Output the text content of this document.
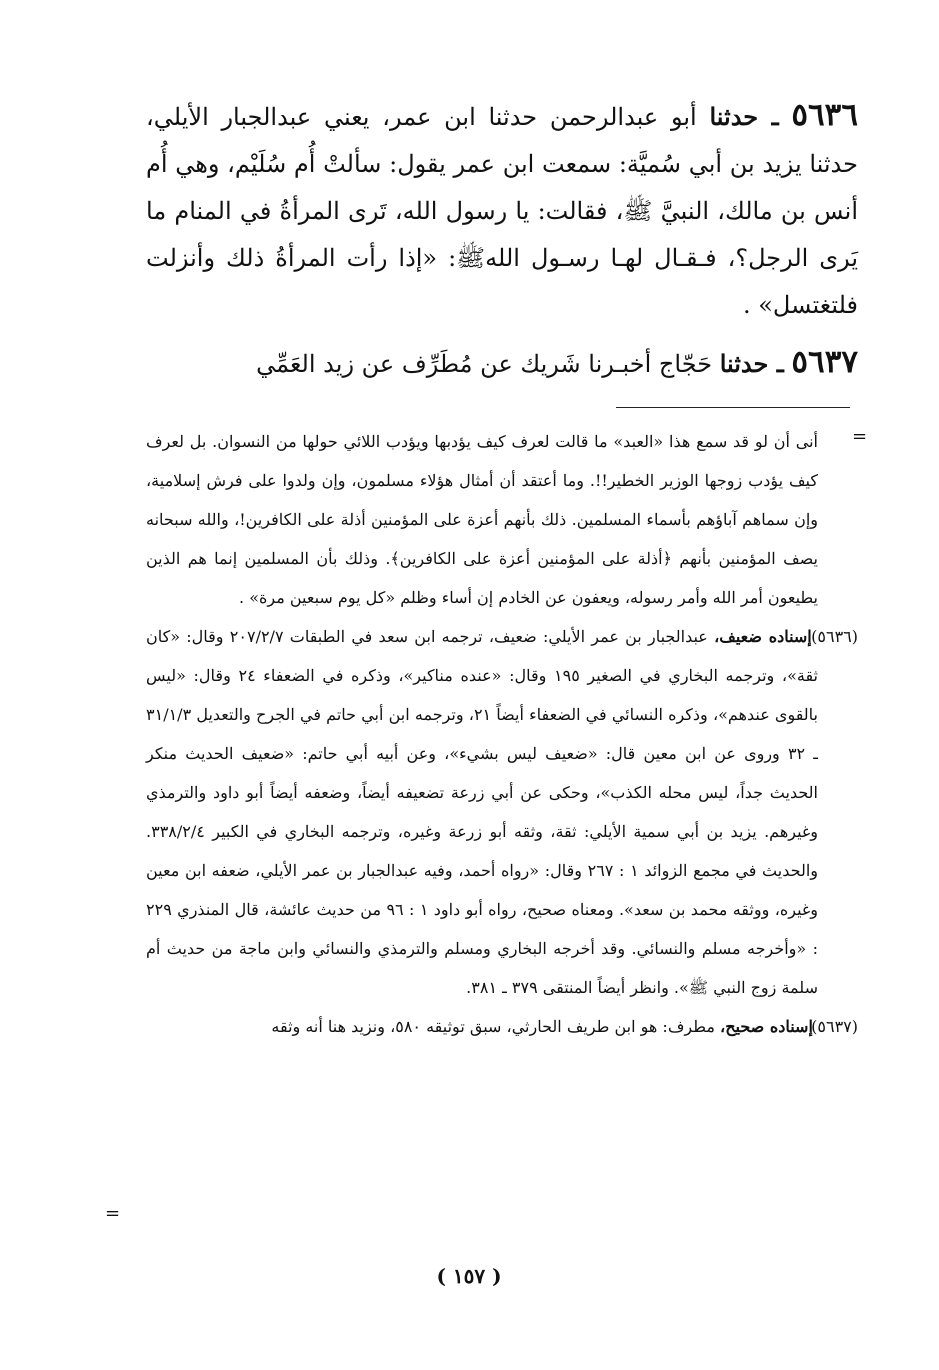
٥٦٣٦ ـ حدثنا أبو عبدالرحمن حدثنا ابن عمر، يعني عبدالجبار الأيلي، حدثنا يزيد بن أبي سُميَّة: سمعت ابن عمر يقول: سألتْ أُم سُلَيْم، وهي أُم أنس بن مالك، النبيَّ ﷺ، فقالت: يا رسول الله، تَرى المرأةُ في المنام ما يَرى الرجل؟، فـقـال لهـا رسـول اللهﷺ: «إذا رأت المرأةُ ذلك وأنزلت فلتغتسل» .

٥٦٣٧ ـ حدثنا حَجّاج أخبـرنا شَريك عن مُطَرِّف عن زيد العَمِّي

=

أنى أن لو قد سمع هذا «العبد» ما قالت لعرف كيف يؤدبها ويؤدب اللائي حولها من النسوان. بل لعرف كيف يؤدب زوجها الوزير الخطير!!. وما أعتقد أن أمثال هؤلاء مسلمون، وإن ولدوا على فرش إسلامية، وإن سماهم آباؤهم بأسماء المسلمين. ذلك بأنهم أعزة على المؤمنين أذلة على الكافرين!، والله سبحانه يصف المؤمنين بأنهم ﴿أذلة على المؤمنين أعزة على الكافرين﴾. وذلك بأن المسلمين إنما هم الذين يطيعون أمر الله وأمر رسوله، ويعفون عن الخادم إن أساء وظلم «كل يوم سبعين مرة» .

(٥٦٣٦) إسناده ضعيف، عبدالجبار بن عمر الأيلي: ضعيف، ترجمه ابن سعد في الطبقات ٢٠٧/٢/٧ وقال: «كان ثقة»، وترجمه البخاري في الصغير ١٩٥ وقال: «عنده مناكير»، وذكره في الضعفاء ٢٤ وقال: «ليس بالقوى عندهم»، وذكره النسائي في الضعفاء أيضاً ٢١، وترجمه ابن أبي حاتم في الجرح والتعديل ٣١/١/٣ ـ ٣٢ وروى عن ابن معين قال: «ضعيف ليس بشيء»، وعن أبيه أبي حاتم: «ضعيف الحديث منكر الحديث جداً، ليس محله الكذب»، وحكى عن أبي زرعة تضعيفه أيضاً، وضعفه أيضاً أبو داود والترمذي وغيرهم. يزيد بن أبي سمية الأيلي: ثقة، وثقه أبو زرعة وغيره، وترجمه البخاري في الكبير ٣٣٨/٢/٤. والحديث في مجمع الزوائد ١ : ٢٦٧ وقال: «رواه أحمد، وفيه عبدالجبار بن عمر الأيلي، ضعفه ابن معين وغيره، ووثقه محمد بن سعد». ومعناه صحيح، رواه أبو داود ١ : ٩٦ من حديث عائشة، قال المنذري ٢٢٩ : «وأخرجه مسلم والنسائي. وقد أخرجه البخاري ومسلم والترمذي والنسائي وابن ماجة من حديث أم سلمة زوج النبي ﷺ». وانظر أيضاً المنتقى ٣٧٩ ـ ٣٨١.

(٥٦٣٧) إسناده صحيح، مطرف: هو ابن طريف الحارثي، سبق توثيقه ٥٨٠، ونزيد هنا أنه وثقه

=
( ١٥٧ )
